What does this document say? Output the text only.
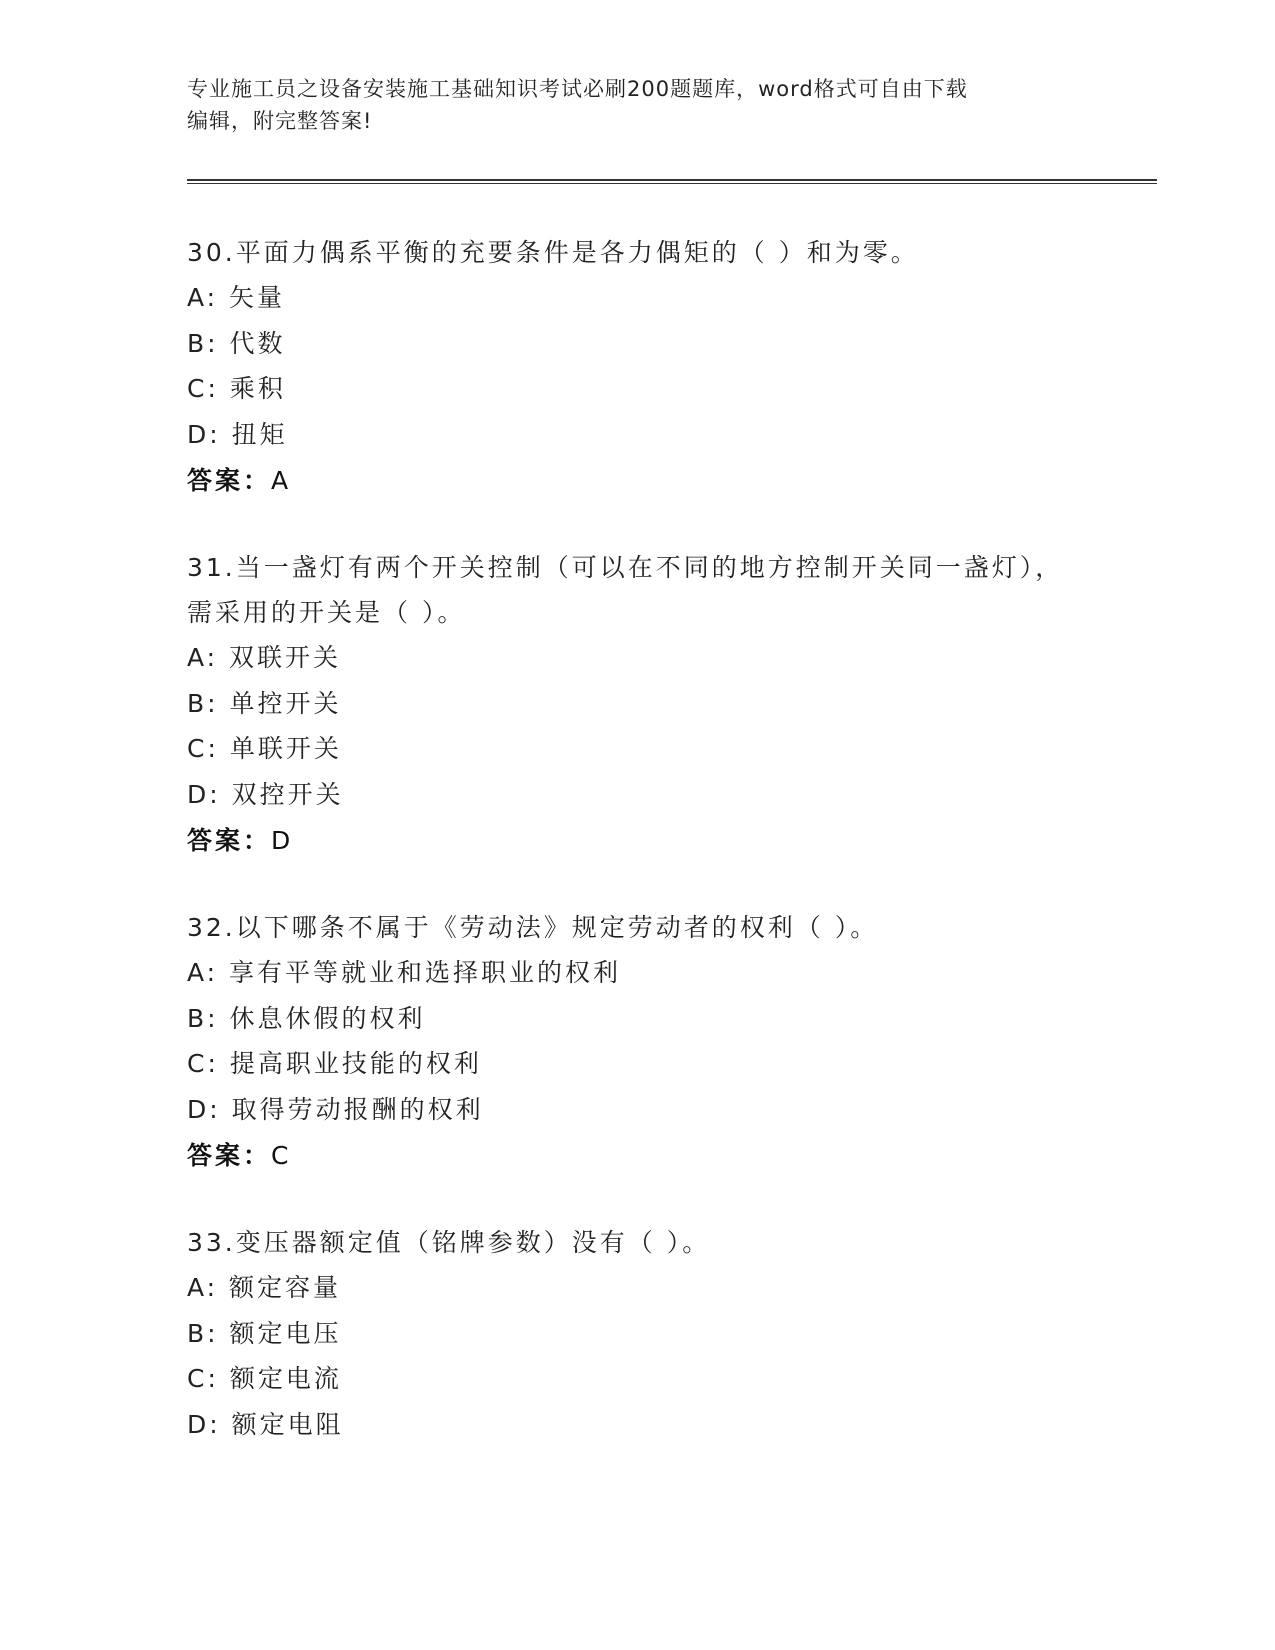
专业施工员之设备安装施工基础知识考试必刷200题题库，word格式可自由下载
编辑，附完整答案!
30.平面力偶系平衡的充要条件是各力偶矩的（ ）和为零。
A: 矢量
B: 代数
C: 乘积
D: 扭矩
答案：A
31.当一盏灯有两个开关控制（可以在不同的地方控制开关同一盏灯），需采用的开关是（ ）。
A: 双联开关
B: 单控开关
C: 单联开关
D: 双控开关
答案：D
32.以下哪条不属于《劳动法》规定劳动者的权利（ ）。
A: 享有平等就业和选择职业的权利
B: 休息休假的权利
C: 提高职业技能的权利
D: 取得劳动报酬的权利
答案：C
33.变压器额定值（铭牌参数）没有（ ）。
A: 额定容量
B: 额定电压
C: 额定电流
D: 额定电阻
